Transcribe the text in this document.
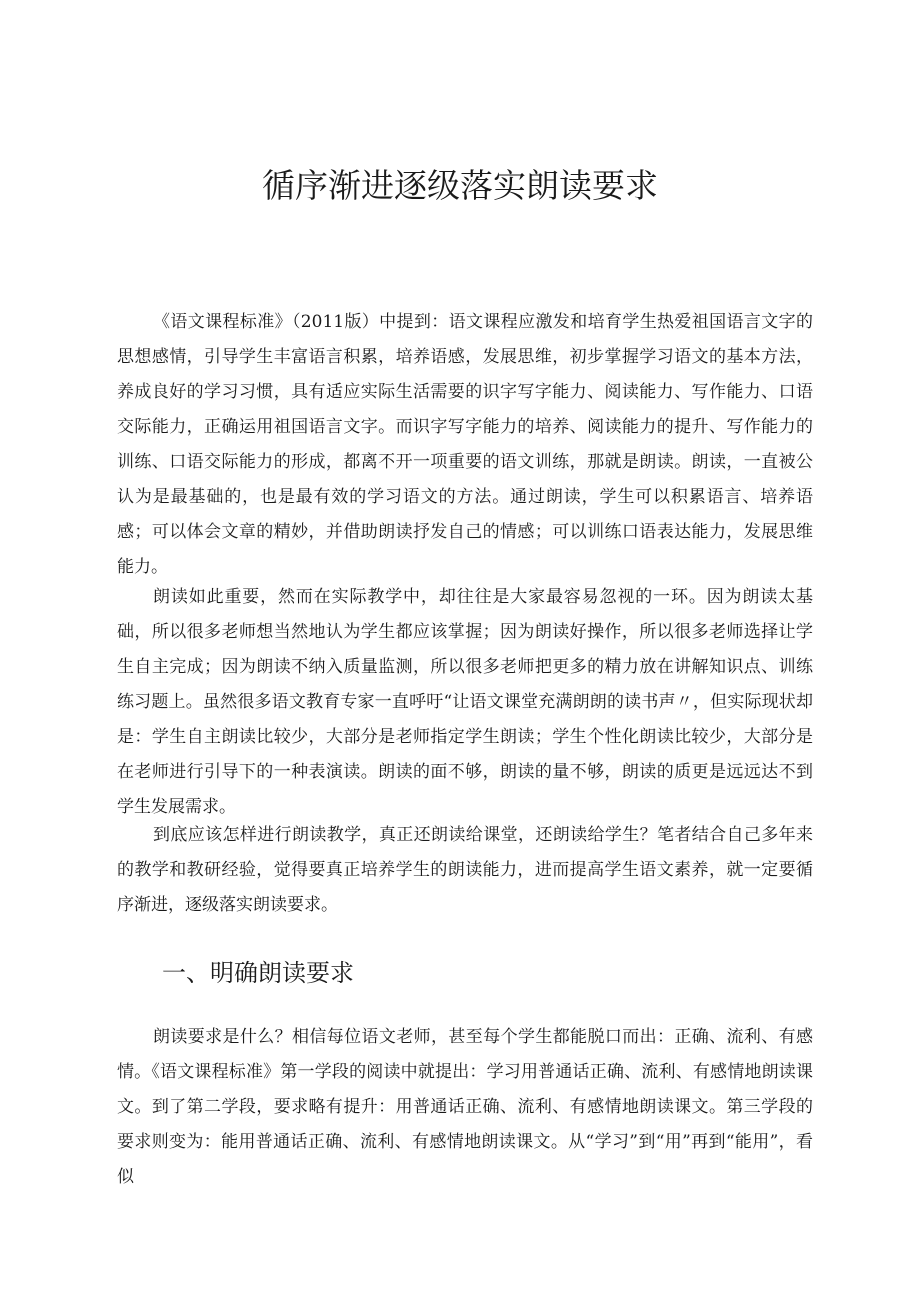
循序渐进逐级落实朗读要求

《语文课程标准》（2011版）中提到：语文课程应激发和培育学生热爱祖国语言文字的思想感情，引导学生丰富语言积累，培养语感，发展思维，初步掌握学习语文的基本方法，养成良好的学习习惯，具有适应实际生活需要的识字写字能力、阅读能力、写作能力、口语交际能力，正确运用祖国语言文字。而识字写字能力的培养、阅读能力的提升、写作能力的训练、口语交际能力的形成，都离不开一项重要的语文训练，那就是朗读。朗读，一直被公认为是最基础的，也是最有效的学习语文的方法。通过朗读，学生可以积累语言、培养语感；可以体会文章的精妙，并借助朗读抒发自己的情感；可以训练口语表达能力，发展思维能力。

朗读如此重要，然而在实际教学中，却往往是大家最容易忽视的一环。因为朗读太基础，所以很多老师想当然地认为学生都应该掌握；因为朗读好操作，所以很多老师选择让学生自主完成；因为朗读不纳入质量监测，所以很多老师把更多的精力放在讲解知识点、训练练习题上。虽然很多语文教育专家一直呼吁“让语文课堂充满朗朗的读书声〃，但实际现状却是：学生自主朗读比较少，大部分是老师指定学生朗读；学生个性化朗读比较少，大部分是在老师进行引导下的一种表演读。朗读的面不够，朗读的量不够，朗读的质更是远远达不到学生发展需求。

到底应该怎样进行朗读教学，真正还朗读给课堂，还朗读给学生？笔者结合自己多年来的教学和教研经验，觉得要真正培养学生的朗读能力，进而提高学生语文素养，就一定要循序渐进，逐级落实朗读要求。

一、明确朗读要求

朗读要求是什么？相信每位语文老师，甚至每个学生都能脱口而出：正确、流利、有感情。《语文课程标准》第一学段的阅读中就提出：学习用普通话正确、流利、有感情地朗读课文。到了第二学段，要求略有提升：用普通话正确、流利、有感情地朗读课文。第三学段的要求则变为：能用普通话正确、流利、有感情地朗读课文。从“学习”到“用”再到“能用”，看似
